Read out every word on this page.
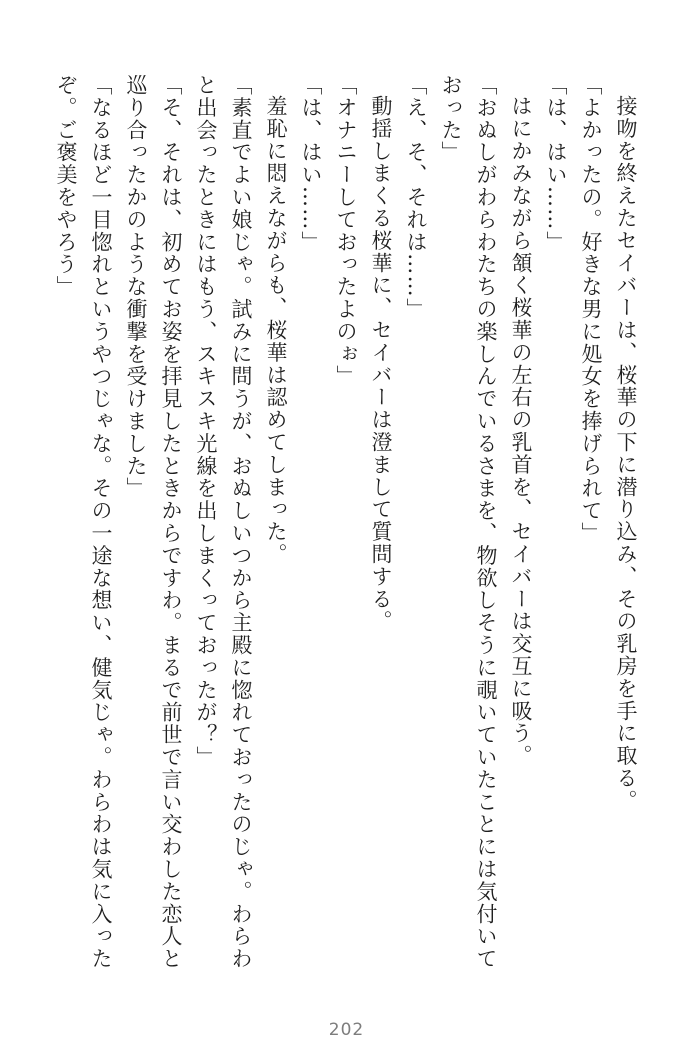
接吻を終えたセイバーは、桜華の下に潜り込み、その乳房を手に取る。

「よかったの。好きな男に処女を捧げられて」

「は、はい……」

はにかみながら頷く桜華の左右の乳首を、セイバーは交互に吸う。

「おぬしがわらわたちの楽しんでいるさまを、物欲しそうに覗いていたことには気付いておった」

「え、そ、それは……」

動揺しまくる桜華に、セイバーは澄まして質問する。

「オナニーしておったよのぉ」

「は、はい……」

羞恥に悶えながらも、桜華は認めてしまった。

「素直でよい娘じゃ。試みに問うが、おぬしいつから主殿に惚れておったのじゃ。わらわと出会ったときにはもう、スキスキ光線を出しまくっておったが？」

「そ、それは、初めてお姿を拝見したときからですわ。まるで前世で言い交わした恋人と巡り合ったかのような衝撃を受けました」

「なるほど一目惚れというやつじゃな。その一途な想い、健気じゃ。わらわは気に入ったぞ。ご褒美をやろう」

202
